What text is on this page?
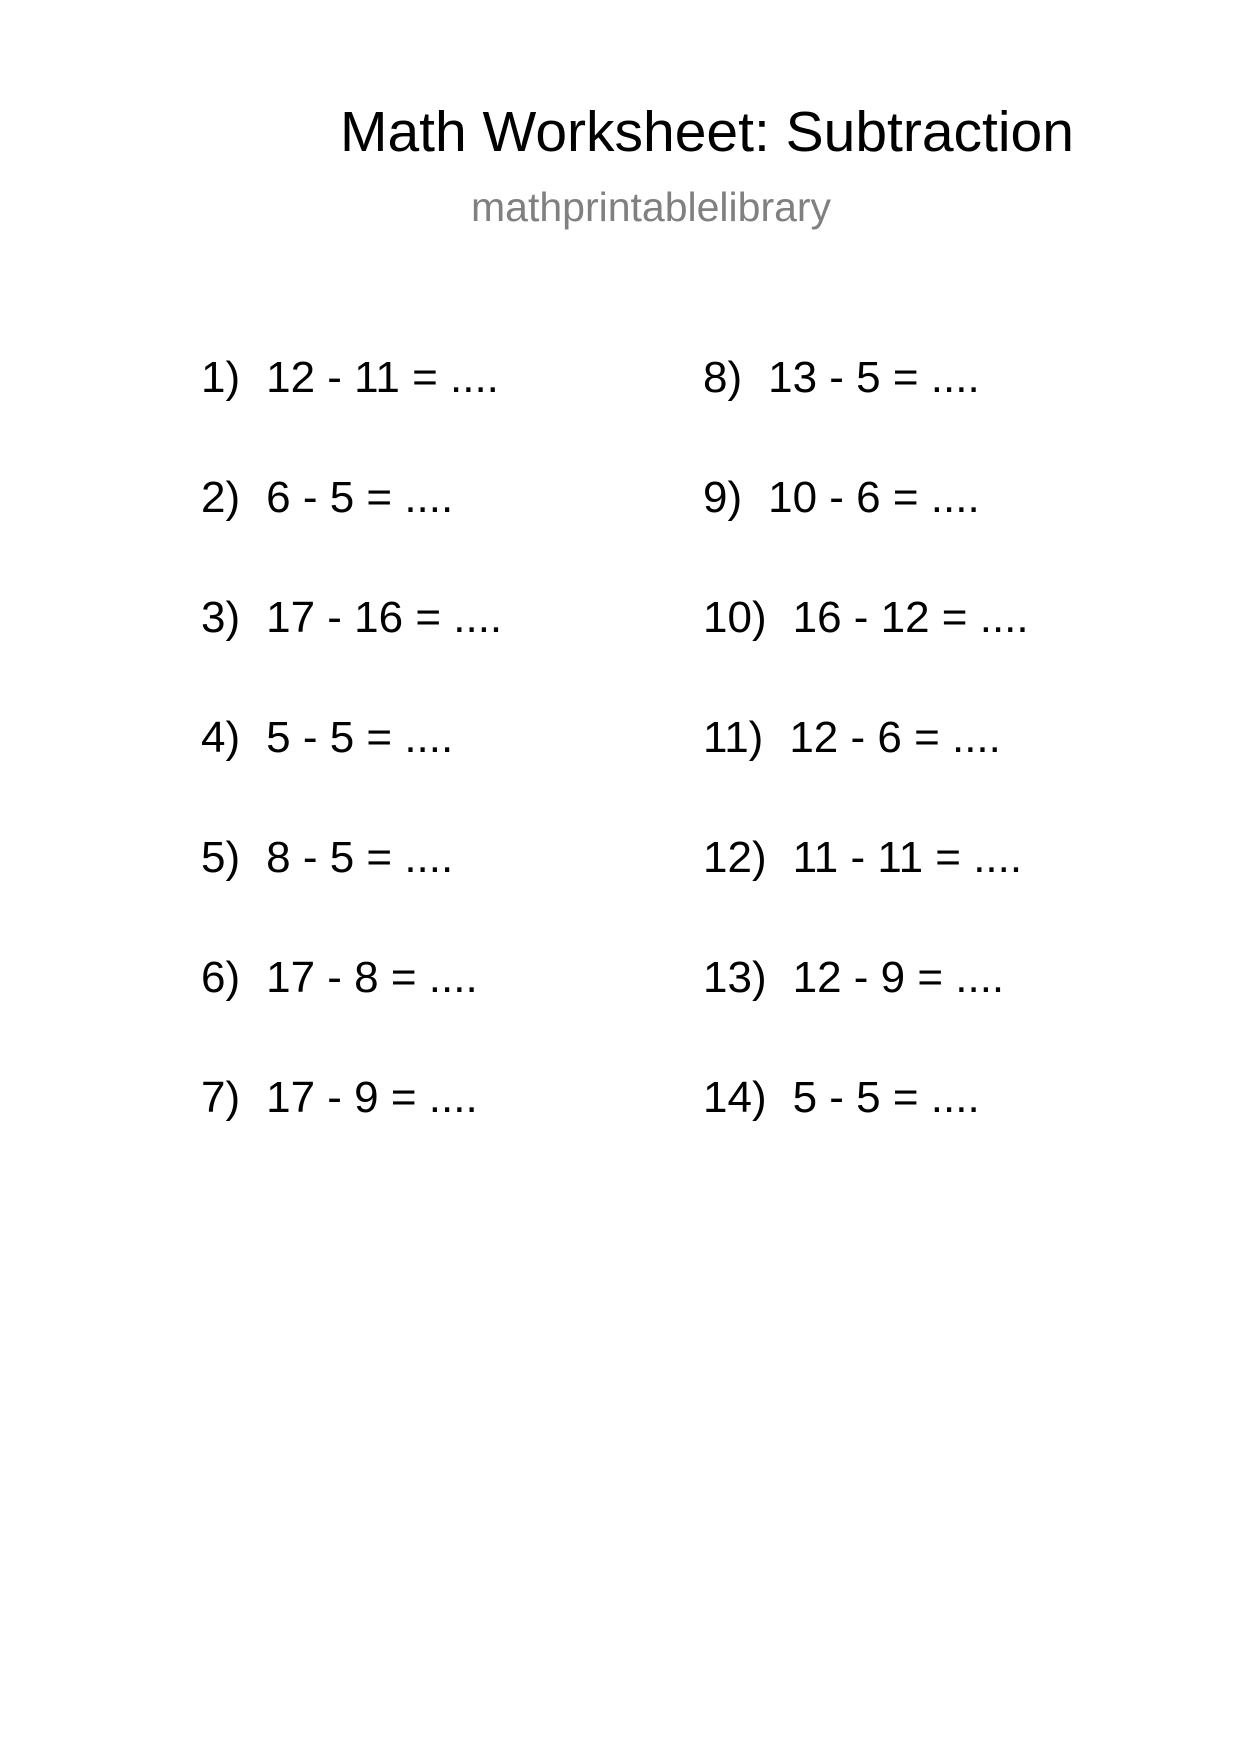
Math Worksheet: Subtraction

mathprintablelibrary

1) 12 - 11 = ....
2) 6 - 5 = ....
3) 17 - 16 = ....
4) 5 - 5 = ....
5) 8 - 5 = ....
6) 17 - 8 = ....
7) 17 - 9 = ....
8) 13 - 5 = ....
9) 10 - 6 = ....
10) 16 - 12 = ....
11) 12 - 6 = ....
12) 11 - 11 = ....
13) 12 - 9 = ....
14) 5 - 5 = ....
